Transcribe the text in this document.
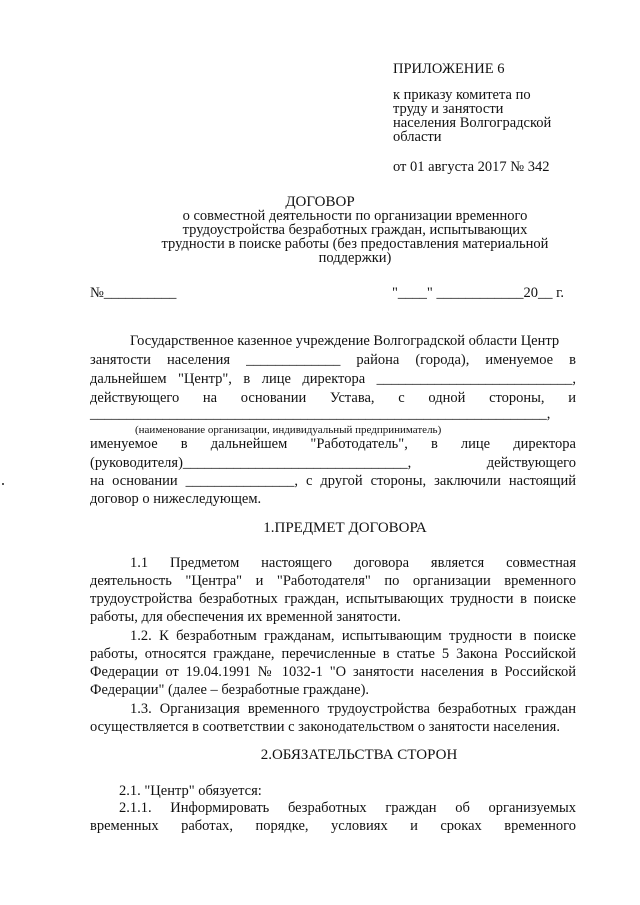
ПРИЛОЖЕНИЕ 6
к приказу комитета по
труду и занятости
населения Волгоградской
области
от 01 августа 2017 № 342
ДОГОВОР
о совместной деятельности по организации временного
трудоустройства безработных граждан, испытывающих
трудности в поиске работы (без предоставления материальной
поддержки)
№__________	"____" ____________20__ г.
Государственное казенное учреждение Волгоградской области Центр
занятости населения _____________ района (города), именуемое в
дальнейшем "Центр", в лице директора ___________________________,
действующего на основании Устава, с одной стороны, и
_______________________________________________________________,
(наименование организации, индивидуальный предприниматель)
именуемое в дальнейшем "Работодатель", в лице директора
(руководителя)_______________________________, действующего
на основании _______________, с другой стороны, заключили настоящий
договор о нижеследующем.
1.ПРЕДМЕТ ДОГОВОРА
1.1 Предметом настоящего договора является совместная
деятельность "Центра" и "Работодателя" по организации временного
трудоустройства безработных граждан, испытывающих трудности в поиске
работы, для обеспечения их временной занятости.
1.2. К безработным гражданам, испытывающим трудности в поиске
работы, относятся граждане, перечисленные в статье 5 Закона Российской
Федерации от 19.04.1991 № 1032-1 "О занятости населения в Российской
Федерации" (далее – безработные граждане).
1.3. Организация временного трудоустройства безработных граждан
осуществляется в соответствии с законодательством о занятости населения.
2.ОБЯЗАТЕЛЬСТВА СТОРОН
2.1. "Центр" обязуется:
2.1.1. Информировать безработных граждан об организуемых
временных работах, порядке, условиях и сроках временного
